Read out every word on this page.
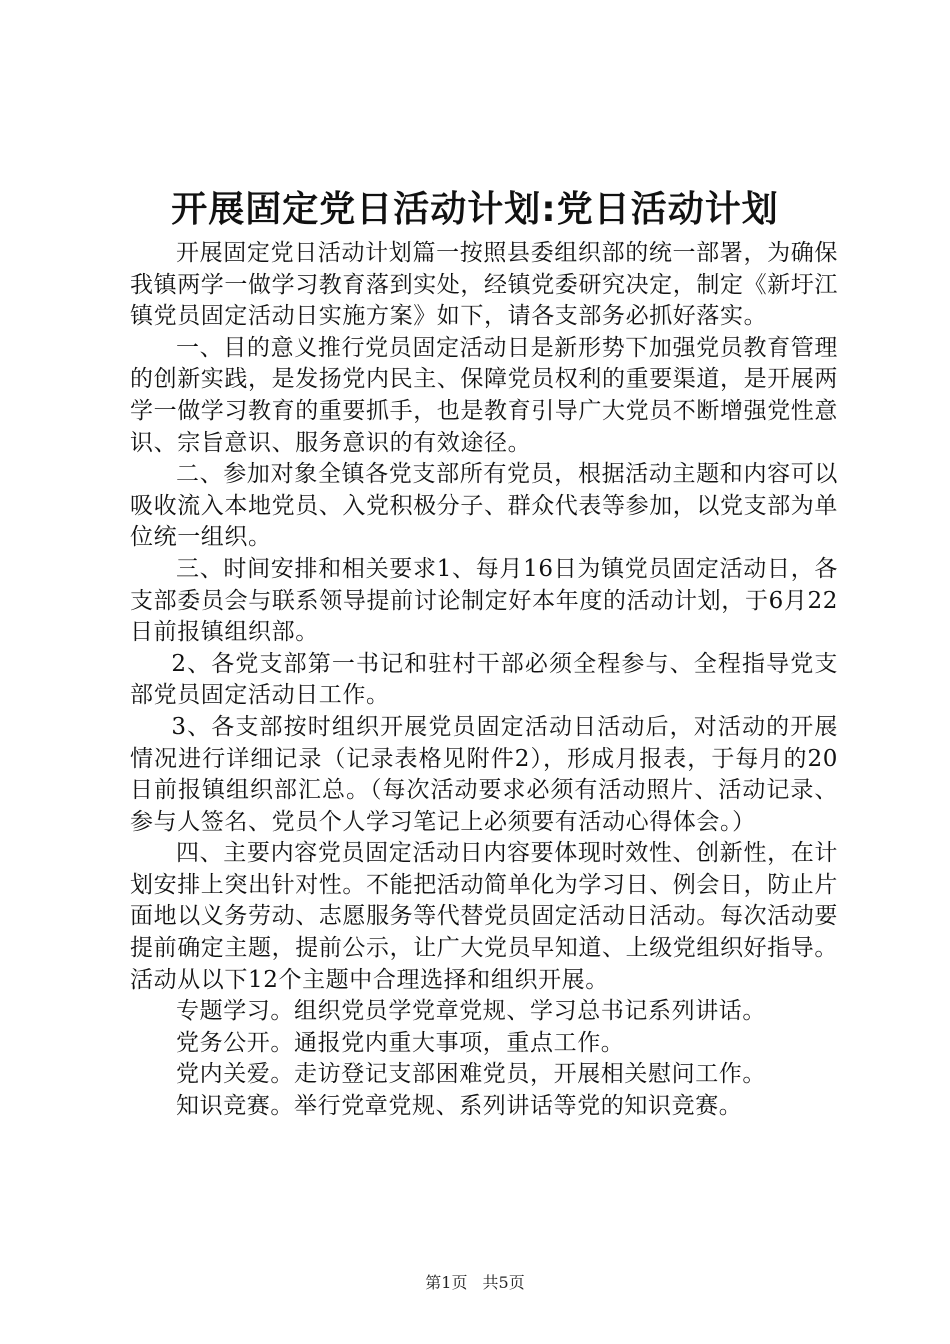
开展固定党日活动计划:党日活动计划

开展固定党日活动计划篇一按照县委组织部的统一部署，为确保我镇两学一做学习教育落到实处，经镇党委研究决定，制定《新圩江镇党员固定活动日实施方案》如下，请各支部务必抓好落实。

一、目的意义推行党员固定活动日是新形势下加强党员教育管理的创新实践，是发扬党内民主、保障党员权利的重要渠道，是开展两学一做学习教育的重要抓手，也是教育引导广大党员不断增强党性意识、宗旨意识、服务意识的有效途径。

二、参加对象全镇各党支部所有党员，根据活动主题和内容可以吸收流入本地党员、入党积极分子、群众代表等参加，以党支部为单位统一组织。

三、时间安排和相关要求1、每月16日为镇党员固定活动日，各支部委员会与联系领导提前讨论制定好本年度的活动计划，于6月22日前报镇组织部。

2、各党支部第一书记和驻村干部必须全程参与、全程指导党支部党员固定活动日工作。

3、各支部按时组织开展党员固定活动日活动后，对活动的开展情况进行详细记录（记录表格见附件2），形成月报表，于每月的20日前报镇组织部汇总。（每次活动要求必须有活动照片、活动记录、参与人签名、党员个人学习笔记上必须要有活动心得体会。）

四、主要内容党员固定活动日内容要体现时效性、创新性，在计划安排上突出针对性。不能把活动简单化为学习日、例会日，防止片面地以义务劳动、志愿服务等代替党员固定活动日活动。每次活动要提前确定主题，提前公示，让广大党员早知道、上级党组织好指导。活动从以下12个主题中合理选择和组织开展。

专题学习。组织党员学党章党规、学习总书记系列讲话。

党务公开。通报党内重大事项，重点工作。

党内关爱。走访登记支部困难党员，开展相关慰问工作。

知识竞赛。举行党章党规、系列讲话等党的知识竞赛。

第1页 共5页
